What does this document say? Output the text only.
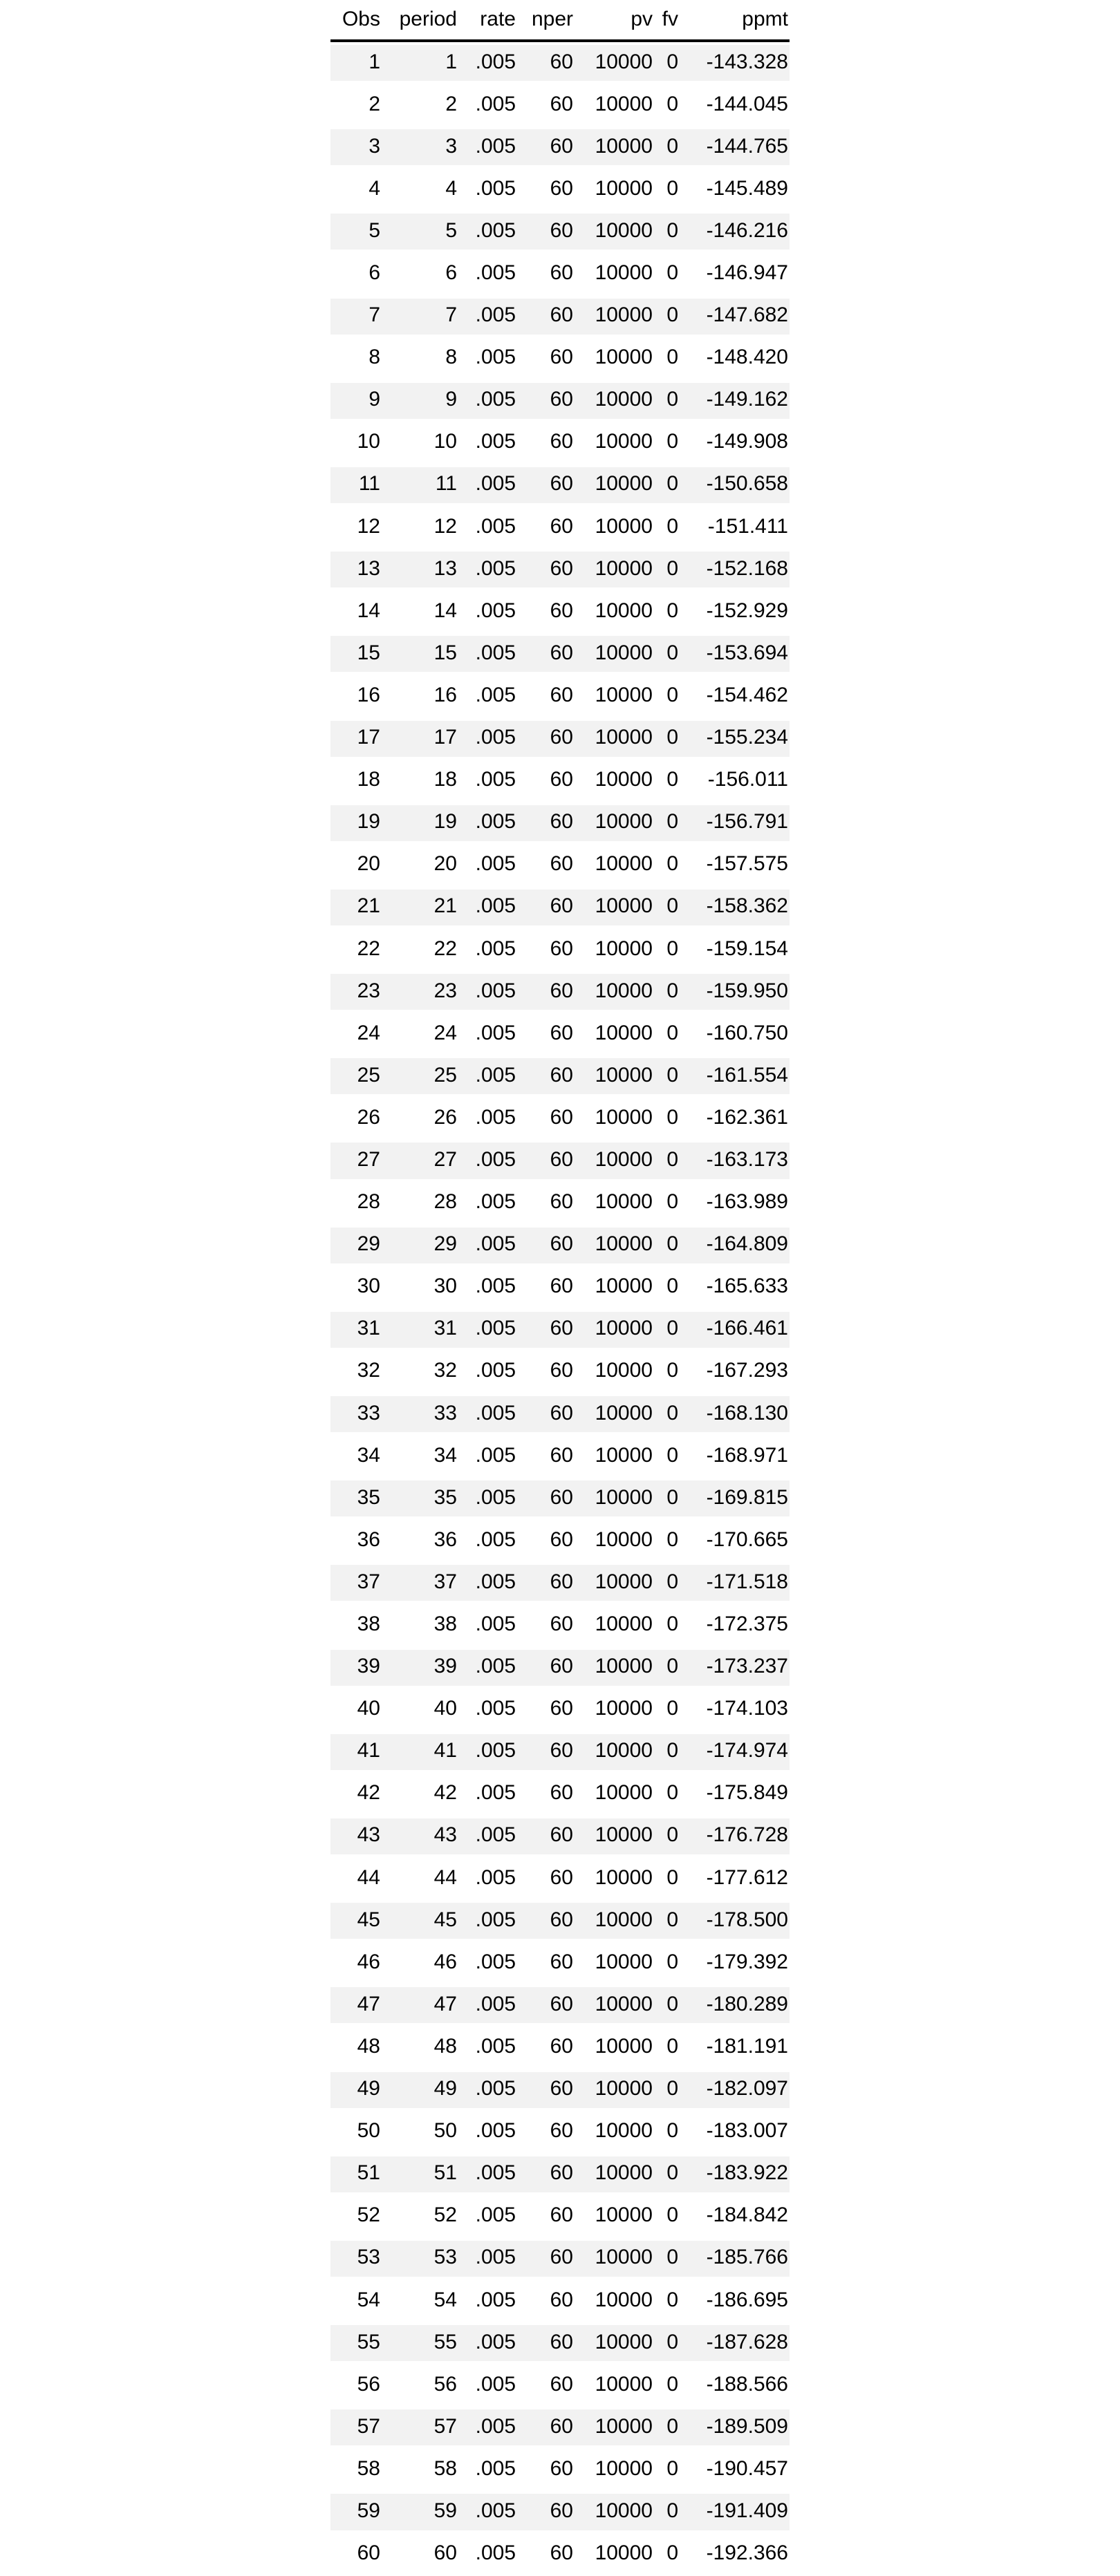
Obs period	rate nper	pv fv	ppmt
1	1 .005	60	10000 0	-143.328
2	2 .005	60	10000 0	-144.045
3	3 .005	60	10000 0	-144.765
4	4 .005	60	10000 0	-145.489
5	5 .005	60	10000 0	-146.216
6	6 .005	60	10000 0	-146.947
7	7 .005	60	10000 0	-147.682
8	8 .005	60	10000 0	-148.420
9	9 .005	60	10000 0	-149.162
10	10 .005	60	10000 0	-149.908
11	11 .005	60	10000 0	-150.658
12	12 .005	60	10000 0	-151.411
13	13 .005	60	10000 0	-152.168
14	14 .005	60	10000 0	-152.929
15	15 .005	60	10000 0	-153.694
16	16 .005	60	10000 0	-154.462
17	17 .005	60	10000 0	-155.234
18	18 .005	60	10000 0	-156.011
19	19 .005	60	10000 0	-156.791
20	20 .005	60	10000 0	-157.575
21	21 .005	60	10000 0	-158.362
22	22 .005	60	10000 0	-159.154
23	23 .005	60	10000 0	-159.950
24	24 .005	60	10000 0	-160.750
25	25 .005	60	10000 0	-161.554
26	26 .005	60	10000 0	-162.361
27	27 .005	60	10000 0	-163.173
28	28 .005	60	10000 0	-163.989
29	29 .005	60	10000 0	-164.809
30	30 .005	60	10000 0	-165.633
31	31 .005	60	10000 0	-166.461
32	32 .005	60	10000 0	-167.293
33	33 .005	60	10000 0	-168.130
34	34 .005	60	10000 0	-168.971
35	35 .005	60	10000 0	-169.815
36	36 .005	60	10000 0	-170.665
37	37 .005	60	10000 0	-171.518
38	38 .005	60	10000 0	-172.375
39	39 .005	60	10000 0	-173.237
40	40 .005	60	10000 0	-174.103
41	41 .005	60	10000 0	-174.974
42	42 .005	60	10000 0	-175.849
43	43 .005	60	10000 0	-176.728
44	44 .005	60	10000 0	-177.612
45	45 .005	60	10000 0	-178.500
46	46 .005	60	10000 0	-179.392
47	47 .005	60	10000 0	-180.289
48	48 .005	60	10000 0	-181.191
49	49 .005	60	10000 0	-182.097
50	50 .005	60	10000 0	-183.007
51	51 .005	60	10000 0	-183.922
52	52 .005	60	10000 0	-184.842
53	53 .005	60	10000 0	-185.766
54	54 .005	60	10000 0	-186.695
55	55 .005	60	10000 0	-187.628
56	56 .005	60	10000 0	-188.566
57	57 .005	60	10000 0	-189.509
58	58 .005	60	10000 0	-190.457
59	59 .005	60	10000 0	-191.409
60	60 .005	60	10000 0	-192.366
